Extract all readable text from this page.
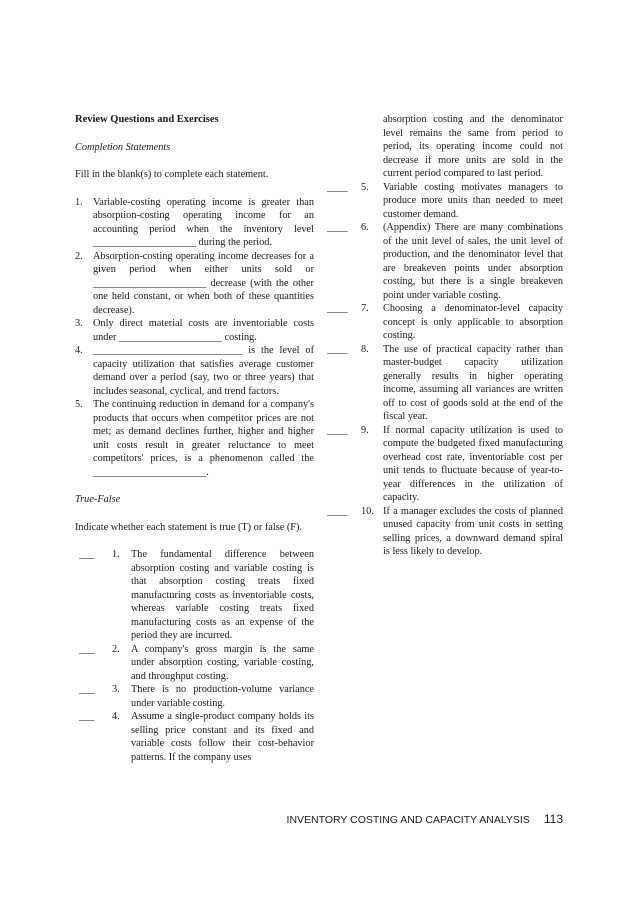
Review Questions and Exercises

Completion Statements

Fill in the blank(s) to complete each statement.

1. Variable-costing operating income is greater than absorption-costing operating income for an accounting period when the inventory level ____________________ during the period.
2. Absorption-costing operating income decreases for a given period when either units sold or ______________________ decrease (with the other one held constant, or when both of these quantities decrease).
3. Only direct material costs are inventoriable costs under ____________________ costing.
4. _____________________________ is the level of capacity utilization that satisfies average customer demand over a period (say, two or three years) that includes seasonal, cyclical, and trend factors.
5. The continuing reduction in demand for a company's products that occurs when competitor prices are not met; as demand declines further, higher and higher unit costs result in greater reluctance to meet competitors' prices, is a phenomenon called the ______________________.

True-False

Indicate whether each statement is true (T) or false (F).

___ 1. The fundamental difference between absorption costing and variable costing is that absorption costing treats fixed manufacturing costs as inventoriable costs, whereas variable costing treats fixed manufacturing costs as an expense of the period they are incurred.
___ 2. A company's gross margin is the same under absorption costing, variable costing, and throughput costing.
___ 3. There is no production-volume variance under variable costing.
___ 4. Assume a single-product company holds its selling price constant and its fixed and variable costs follow their cost-behavior patterns. If the company uses

absorption costing and the denominator level remains the same from period to period, its operating income could not decrease if more units are sold in the current period compared to last period.

____ 5. Variable costing motivates managers to produce more units than needed to meet customer demand.
____ 6. (Appendix) There are many combinations of the unit level of sales, the unit level of production, and the denominator level that are breakeven points under absorption costing, but there is a single breakeven point under variable costing.
____ 7. Choosing a denominator-level capacity concept is only applicable to absorption costing.
____ 8. The use of practical capacity rather than master-budget capacity utilization generally results in higher operating income, assuming all variances are written off to cost of goods sold at the end of the fiscal year.
____ 9. If normal capacity utilization is used to compute the budgeted fixed manufacturing overhead cost rate, inventoriable cost per unit tends to fluctuate because of year-to-year differences in the utilization of capacity.
____ 10. If a manager excludes the costs of planned unused capacity from unit costs in setting selling prices, a downward demand spiral is less likely to develop.
INVENTORY COSTING AND CAPACITY ANALYSIS 113
